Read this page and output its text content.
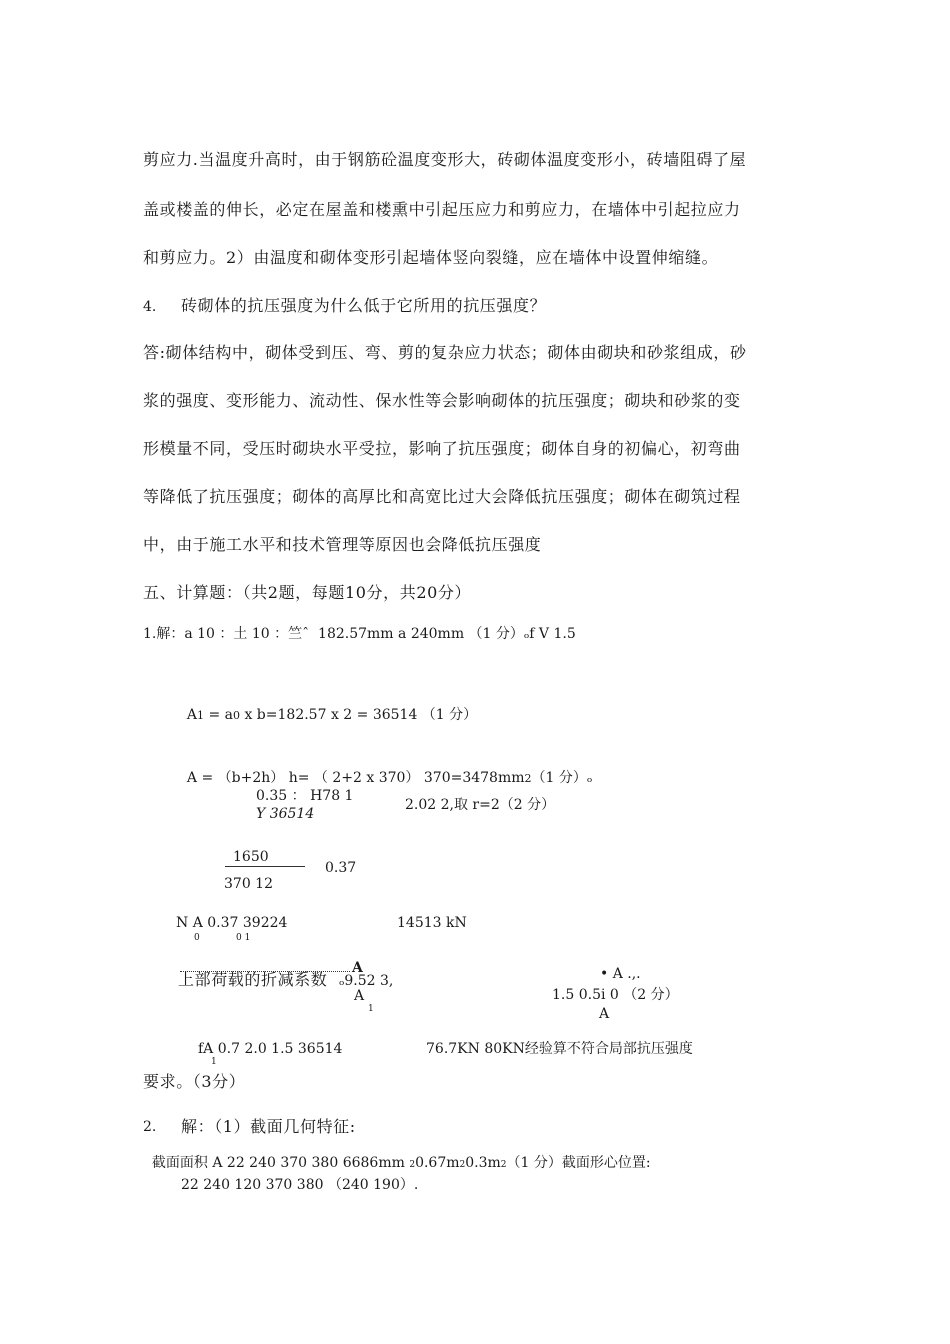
剪应力.当温度升高时，由于钢筋砼温度变形大，砖砌体温度变形小，砖墙阻碍了屋
盖或楼盖的伸长，必定在屋盖和楼熏中引起压应力和剪应力，在墙体中引起拉应力
和剪应力。2）由温度和砌体变形引起墙体竖向裂缝，应在墙体中设置伸缩缝。
4. 砖砌体的抗压强度为什么低于它所用的抗压强度？
答:砌体结构中，砌体受到压、弯、剪的复杂应力状态；砌体由砌块和砂浆组成，砂
浆的强度、变形能力、流动性、保水性等会影响砌体的抗压强度；砌块和砂浆的变
形模量不同，受压时砌块水平受拉，影响了抗压强度；砌体自身的初偏心，初弯曲
等降低了抗压强度；砌体的高厚比和高宽比过大会降低抗压强度；砌体在砌筑过程
中，由于施工水平和技术管理等原因也会降低抗压强度
五、计算题：（共2题，每题10分，共20分）
1.解：a 10 ：土 10 ：竺ˆ  182.57mm a 240mm （1 分）ₒf V 1.5

A1 = a0 x b=182.57 x 2 = 36514 （1 分）

A = （b+2h） h= （ 2+2 x 370） 370=3478mm2（1 分）ₒ

0.35 ： H78 1
Y 36514
2.02 2,取 r=2（2 分）
1650
370 12
0.37
N A 0.37 39224
0	0 1
14513 kN
A
上部荷载的折减系数 ₒ9.52 3,
A
1
• A .,.
1.5 0.5i 0 （2 分）
A
fA 0.7 2.0 1.5 36514
1
76.7KN 80KN经验算不符合局部抗压强度
要求。（3分）
2. 解：（1）截面几何特征:

截面面积 A 22 240 370 380 6686mm 20.67m20.3m2（1 分）截面形心位置:

22 240 120 370 380 （240 190）.
